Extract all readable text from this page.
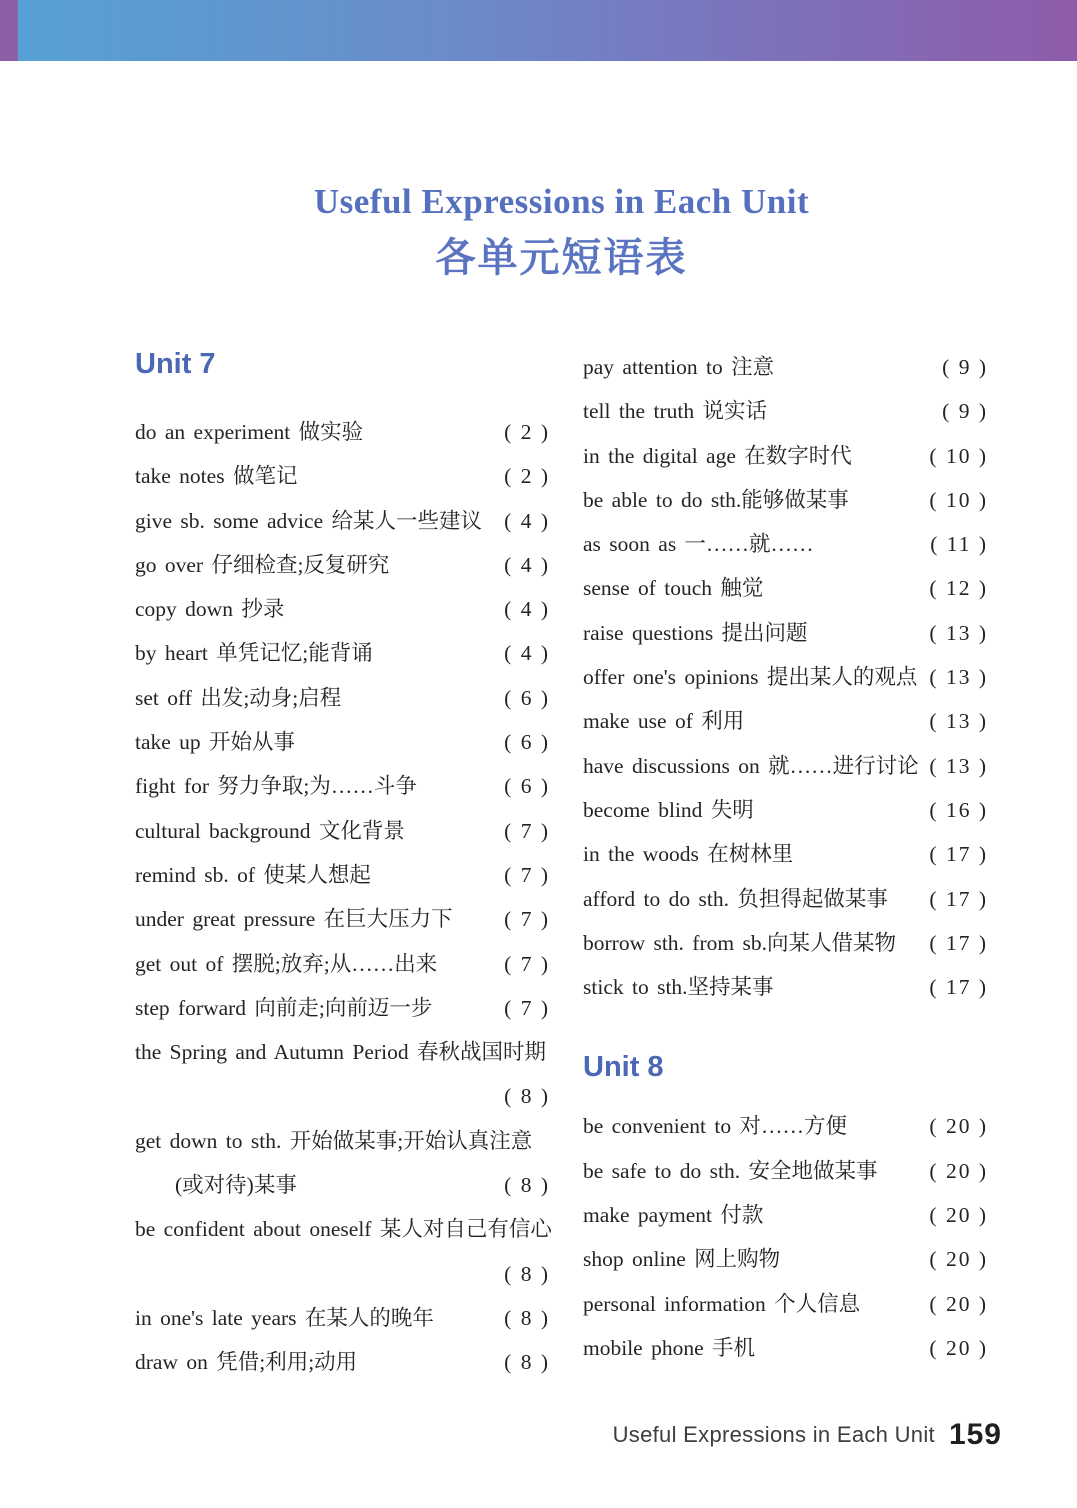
Useful Expressions in Each Unit
各单元短语表
Unit 7
do an experiment 做实验	( 2 )
take notes 做笔记	( 2 )
give sb. some advice 给某人一些建议	( 4 )
go over 仔细检查;反复研究	( 4 )
copy down 抄录	( 4 )
by heart 单凭记忆;能背诵	( 4 )
set off 出发;动身;启程	( 6 )
take up 开始从事	( 6 )
fight for 努力争取;为……斗争	( 6 )
cultural background 文化背景	( 7 )
remind sb. of 使某人想起	( 7 )
under great pressure 在巨大压力下	( 7 )
get out of 摆脱;放弃;从……出来	( 7 )
step forward 向前走;向前迈一步	( 7 )
the Spring and Autumn Period 春秋战国时期
( 8 )
get down to sth. 开始做某事;开始认真注意
(或对待)某事	( 8 )
be confident about oneself 某人对自己有信心
( 8 )
in one's late years 在某人的晚年	( 8 )
draw on 凭借;利用;动用	( 8 )
pay attention to 注意	( 9 )
tell the truth 说实话	( 9 )
in the digital age 在数字时代	( 10 )
be able to do sth.能够做某事	( 10 )
as soon as 一……就……	( 11 )
sense of touch 触觉	( 12 )
raise questions 提出问题	( 13 )
offer one's opinions 提出某人的观点 ( 13 )
make use of 利用	( 13 )
have discussions on 就……进行讨论 ( 13 )
become blind 失明	( 16 )
in the woods 在树林里	( 17 )
afford to do sth. 负担得起做某事	( 17 )
borrow sth. from sb.向某人借某物	( 17 )
stick to sth.坚持某事	( 17 )
Unit 8
be convenient to 对……方便	( 20 )
be safe to do sth. 安全地做某事	( 20 )
make payment 付款	( 20 )
shop online 网上购物	( 20 )
personal information 个人信息	( 20 )
mobile phone 手机	( 20 )
Useful Expressions in Each Unit 159
